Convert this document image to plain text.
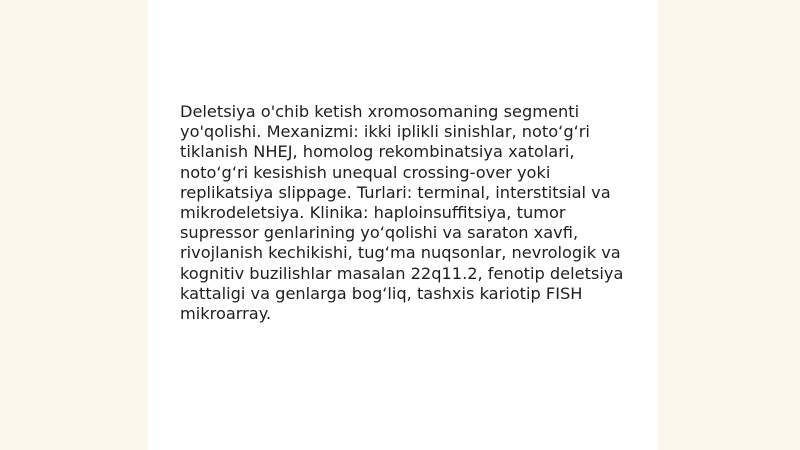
Deletsiya o'chib ketish xromosomaning segmenti yo'qolishi. Mexanizmi: ikki iplikli sinishlar, noto‘g‘ri tiklanish NHEJ, homolog rekombinatsiya xatolari, noto‘g‘ri kesishish unequal crossing-over yoki replikatsiya slippage. Turlari: terminal, interstitsial va mikrodeletsiya. Klinika: haploinsuffitsiya, tumor supressor genlarining yo‘qolishi va saraton xavfi, rivojlanish kechikishi, tug‘ma nuqsonlar, nevrologik va kognitiv buzilishlar masalan 22q11.2, fenotip deletsiya kattaligi va genlarga bog‘liq, tashxis kariotip FISH mikroarray.
